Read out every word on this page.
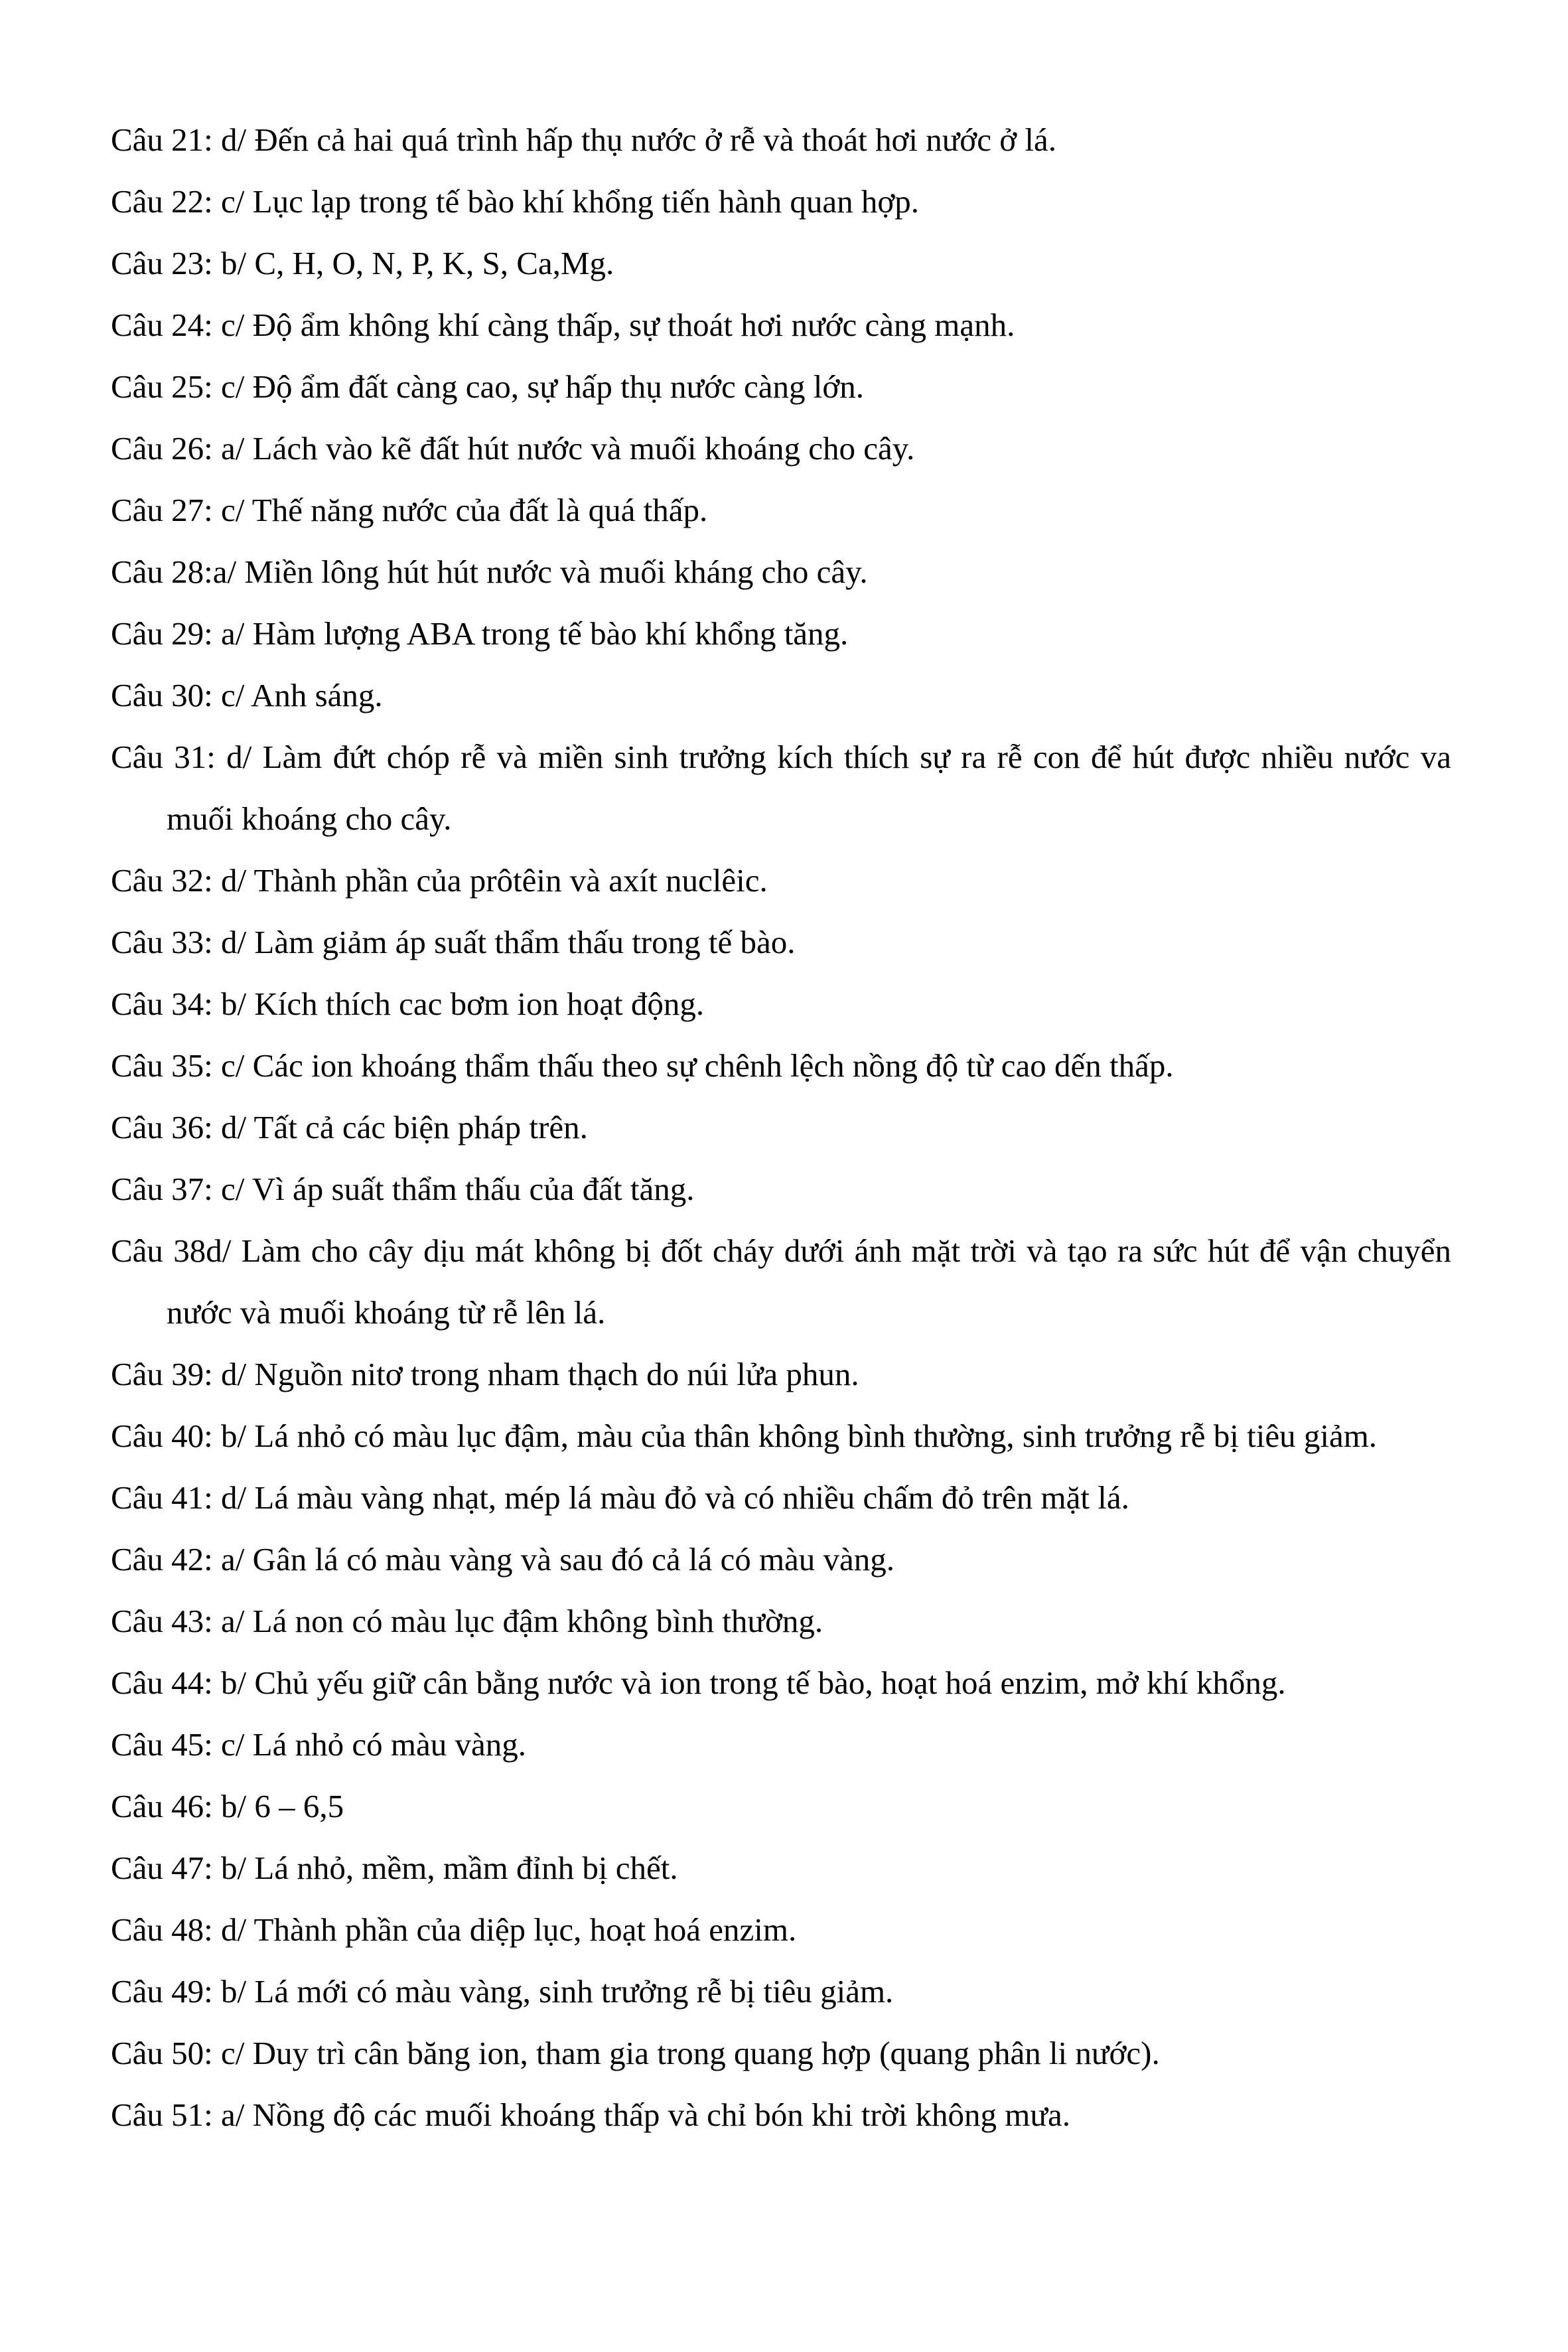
Câu 21: d/ Đến cả hai quá trình hấp thụ nước ở rễ và thoát hơi nước ở lá.

Câu 22: c/ Lục lạp trong tế bào khí khổng tiến hành quan hợp.

Câu 23: b/ C, H, O, N, P, K, S, Ca,Mg.

Câu 24: c/ Độ ẩm không khí càng thấp, sự thoát hơi nước càng mạnh.

Câu 25: c/ Độ ẩm đất càng cao, sự hấp thụ nước càng lớn.

Câu 26: a/ Lách vào kẽ đất hút nước và muối khoáng cho cây.

Câu 27: c/ Thế năng nước của đất là quá thấp.

Câu 28:a/ Miền lông hút hút nước và muối kháng cho cây.

Câu 29: a/ Hàm lượng ABA trong tế bào khí khổng tăng.

Câu 30: c/ Anh sáng.

Câu 31: d/ Làm đứt chóp rễ và miền sinh trưởng kích thích sự ra rễ con để hút được nhiều nước va muối khoáng cho cây.

Câu 32: d/ Thành phần của prôtêin và axít nuclêic.

Câu 33: d/ Làm giảm áp suất thẩm thấu trong tế bào.

Câu 34: b/ Kích thích cac bơm ion hoạt động.

Câu 35: c/ Các ion khoáng thẩm thấu theo sự chênh lệch nồng độ từ cao dến thấp.

Câu 36: d/ Tất cả các biện pháp trên.

Câu 37: c/ Vì áp suất thẩm thấu của đất tăng.

Câu 38d/ Làm cho cây dịu mát không bị đốt cháy dưới ánh mặt trời và tạo ra sức hút để vận chuyển nước và muối khoáng từ rễ lên lá.

Câu 39: d/ Nguồn nitơ trong nham thạch do núi lửa phun.

Câu 40: b/ Lá nhỏ có màu lục đậm, màu của thân không bình thường, sinh trưởng rễ bị tiêu giảm.

Câu 41: d/ Lá màu vàng nhạt, mép lá màu đỏ và có nhiều chấm đỏ trên mặt lá.

Câu 42: a/ Gân lá có màu vàng và sau đó cả lá có màu vàng.

Câu 43: a/ Lá non có màu lục đậm không bình thường.

Câu 44: b/ Chủ yếu giữ cân bằng nước và ion trong tế bào, hoạt hoá enzim, mở khí khổng.

Câu 45: c/ Lá nhỏ có màu vàng.

Câu 46: b/ 6 – 6,5

Câu 47: b/ Lá nhỏ, mềm, mầm đỉnh bị chết.

Câu 48: d/ Thành phần của diệp lục, hoạt hoá enzim.

Câu 49: b/ Lá mới có màu vàng, sinh trưởng rễ bị tiêu giảm.

Câu 50: c/ Duy trì cân băng ion, tham gia trong quang hợp (quang phân li nước).

Câu 51: a/ Nồng độ các muối khoáng thấp và chỉ bón khi trời không mưa.
